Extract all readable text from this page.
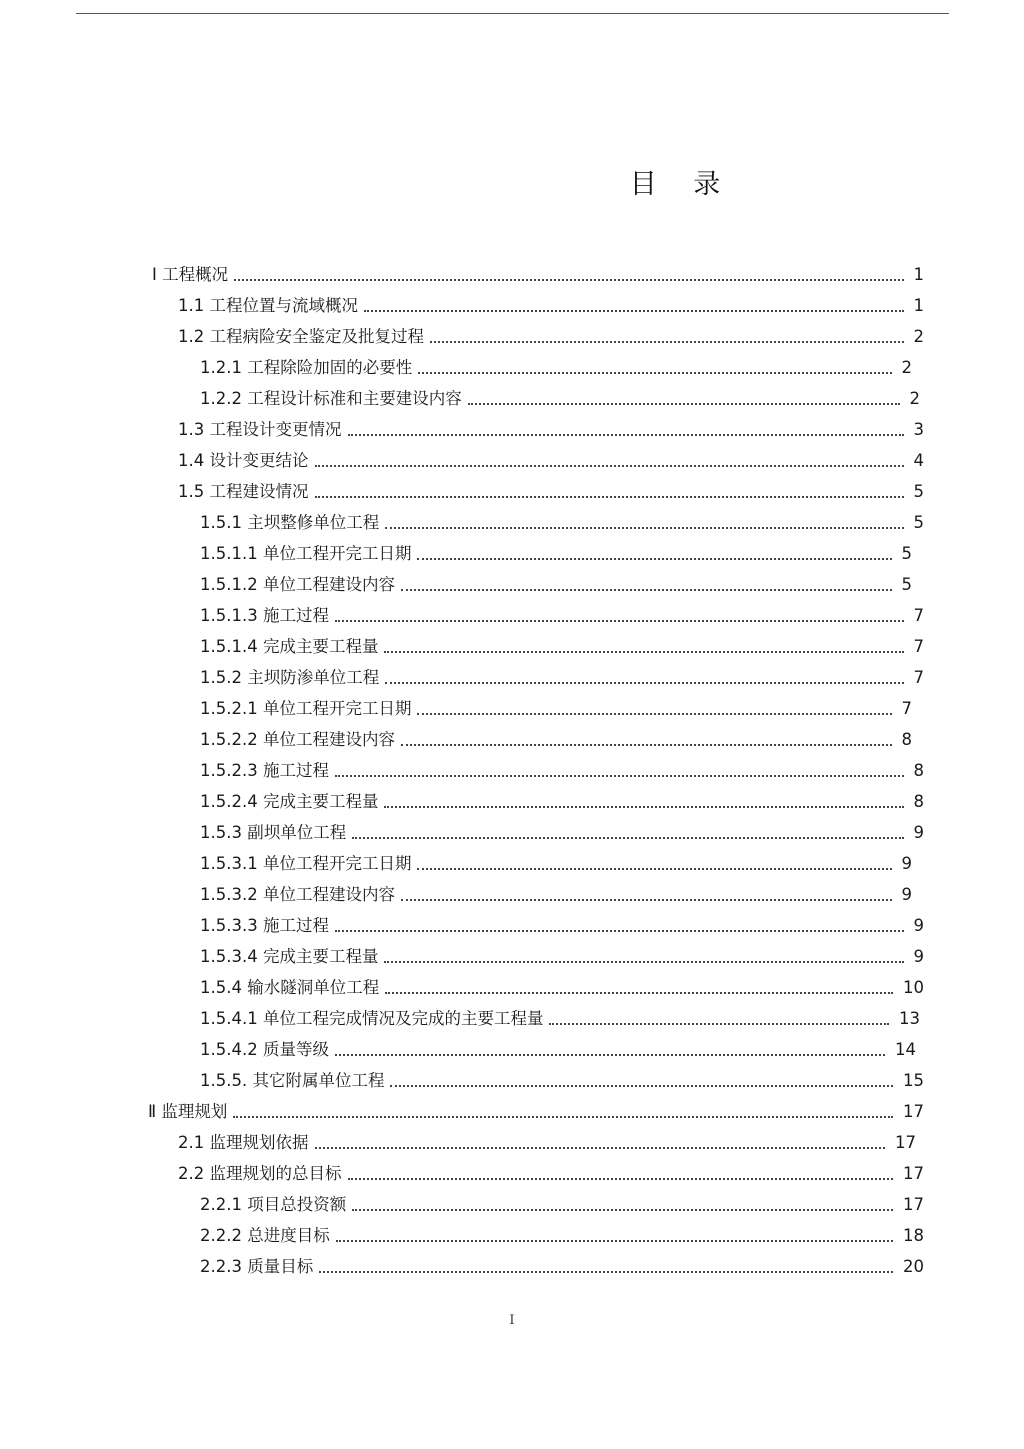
目 录
Ⅰ 工程概况	1
1.1 工程位置与流域概况	1
1.2 工程病险安全鉴定及批复过程	2
1.2.1 工程除险加固的必要性	2
1.2.2 工程设计标准和主要建设内容	2
1.3 工程设计变更情况	3
1.4 设计变更结论	4
1.5 工程建设情况	5
1.5.1 主坝整修单位工程	5
1.5.1.1 单位工程开完工日期	5
1.5.1.2 单位工程建设内容	5
1.5.1.3 施工过程	7
1.5.1.4 完成主要工程量	7
1.5.2 主坝防渗单位工程	7
1.5.2.1 单位工程开完工日期	7
1.5.2.2 单位工程建设内容	8
1.5.2.3 施工过程	8
1.5.2.4 完成主要工程量	8
1.5.3 副坝单位工程	9
1.5.3.1 单位工程开完工日期	9
1.5.3.2 单位工程建设内容	9
1.5.3.3 施工过程	9
1.5.3.4 完成主要工程量	9
1.5.4 输水隧洞单位工程	10
1.5.4.1 单位工程完成情况及完成的主要工程量	13
1.5.4.2 质量等级	14
1.5.5. 其它附属单位工程	15
Ⅱ 监理规划	17
2.1 监理规划依据	17
2.2 监理规划的总目标	17
2.2.1 项目总投资额	17
2.2.2 总进度目标	18
2.2.3 质量目标	20
I
